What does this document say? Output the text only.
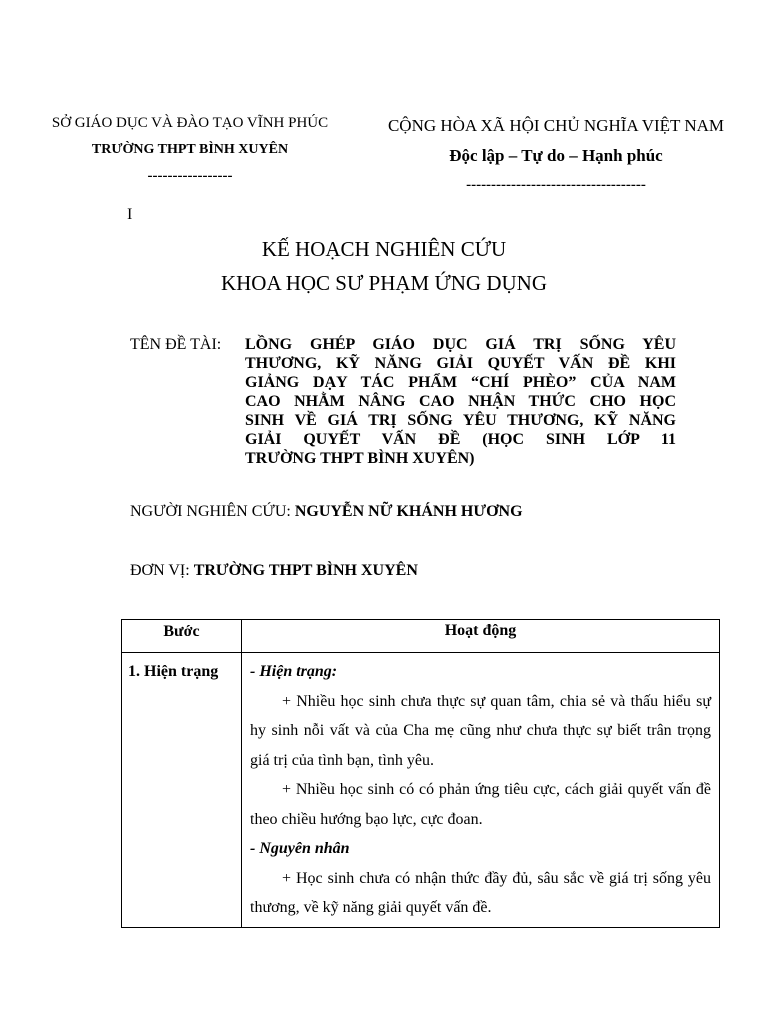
SỞ GIÁO DỤC VÀ ĐÀO TẠO VĨNH PHÚC
TRƯỜNG THPT BÌNH XUYÊN
-----------------
CỘNG HÒA XÃ HỘI CHỦ NGHĨA VIỆT NAM
Độc lập – Tự do – Hạnh phúc
------------------------------------
I
KẾ HOẠCH NGHIÊN CỨU
KHOA HỌC SƯ PHẠM ỨNG DỤNG
TÊN ĐỀ TÀI: LỒNG GHÉP GIÁO DỤC GIÁ TRỊ SỐNG YÊU
THƯƠNG, KỸ NĂNG GIẢI QUYẾT VẤN ĐỀ KHI
GIẢNG DẠY TÁC PHẨM “CHÍ PHÈO” CỦA NAM
CAO NHẰM NÂNG CAO NHẬN THỨC CHO HỌC
SINH VỀ GIÁ TRỊ SỐNG YÊU THƯƠNG, KỸ NĂNG
GIẢI QUYẾT VẤN ĐỀ (HỌC SINH LỚP 11
TRƯỜNG THPT BÌNH XUYÊN)
NGƯỜI NGHIÊN CỨU: NGUYỄN NỮ KHÁNH HƯƠNG
ĐƠN VỊ: TRƯỜNG THPT BÌNH XUYÊN
Bước	Hoạt động
1. Hiện trạng	- Hiện trạng:

+ Nhiều học sinh chưa thực sự quan tâm, chia sẻ và thấu hiểu sự hy sinh nỗi vất và của Cha mẹ cũng như chưa thực sự biết trân trọng giá trị của tình bạn, tình yêu.

+ Nhiều học sinh có có phản ứng tiêu cực, cách giải quyết vấn đề theo chiều hướng bạo lực, cực đoan.

- Nguyên nhân

+ Học sinh chưa có nhận thức đầy đủ, sâu sắc về giá trị sống yêu thương, về kỹ năng giải quyết vấn đề.
